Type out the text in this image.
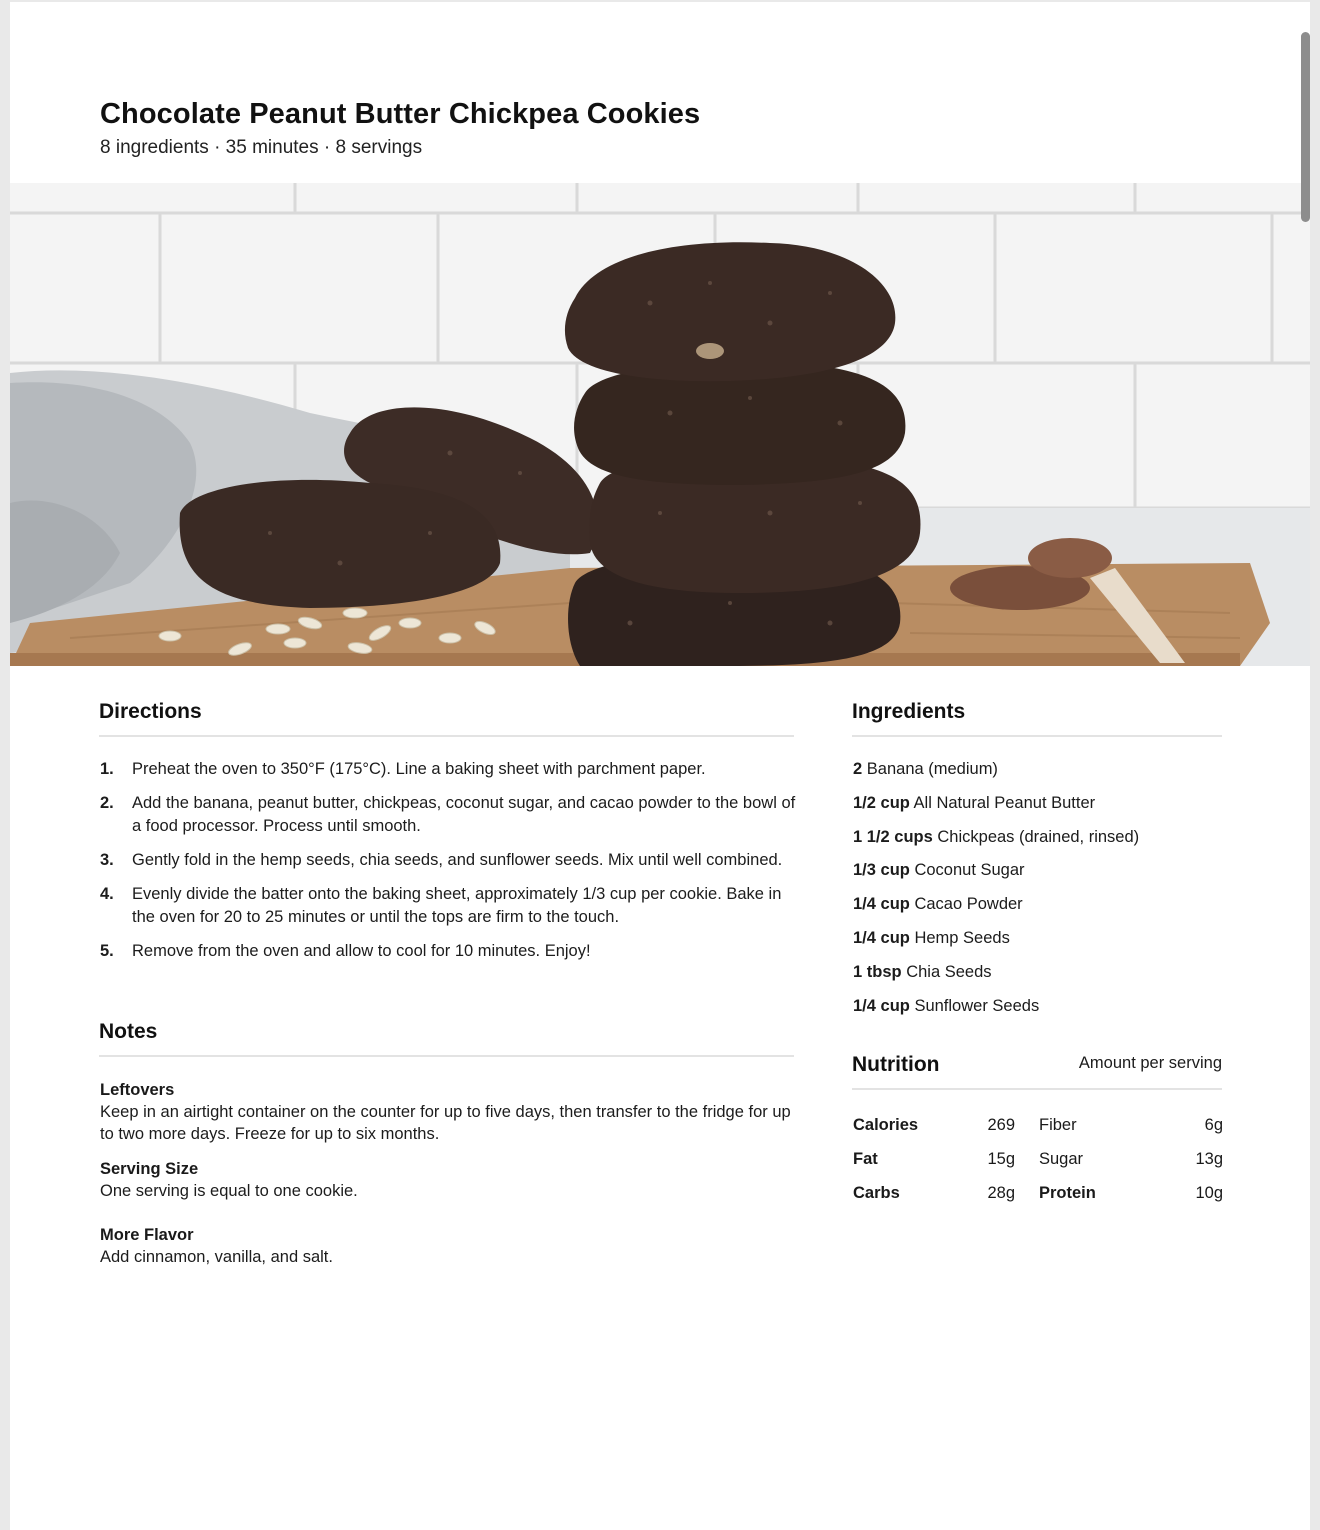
Chocolate Peanut Butter Chickpea Cookies
8 ingredients · 35 minutes · 8 servings
Directions
1. Preheat the oven to 350°F (175°C). Line a baking sheet with parchment paper.
2. Add the banana, peanut butter, chickpeas, coconut sugar, and cacao powder to the bowl of a food processor. Process until smooth.
3. Gently fold in the hemp seeds, chia seeds, and sunflower seeds. Mix until well combined.
4. Evenly divide the batter onto the baking sheet, approximately 1/3 cup per cookie. Bake in the oven for 20 to 25 minutes or until the tops are firm to the touch.
5. Remove from the oven and allow to cool for 10 minutes. Enjoy!
Notes
Leftovers
Keep in an airtight container on the counter for up to five days, then transfer to the fridge for up to two more days. Freeze for up to six months.
Serving Size
One serving is equal to one cookie.
More Flavor
Add cinnamon, vanilla, and salt.
Ingredients
2 Banana (medium)
1/2 cup All Natural Peanut Butter
1 1/2 cups Chickpeas (drained, rinsed)
1/3 cup Coconut Sugar
1/4 cup Cacao Powder
1/4 cup Hemp Seeds
1 tbsp Chia Seeds
1/4 cup Sunflower Seeds
Nutrition	Amount per serving
Calories	269	Fiber	6g
Fat	15g	Sugar	13g
Carbs	28g	Protein	10g
